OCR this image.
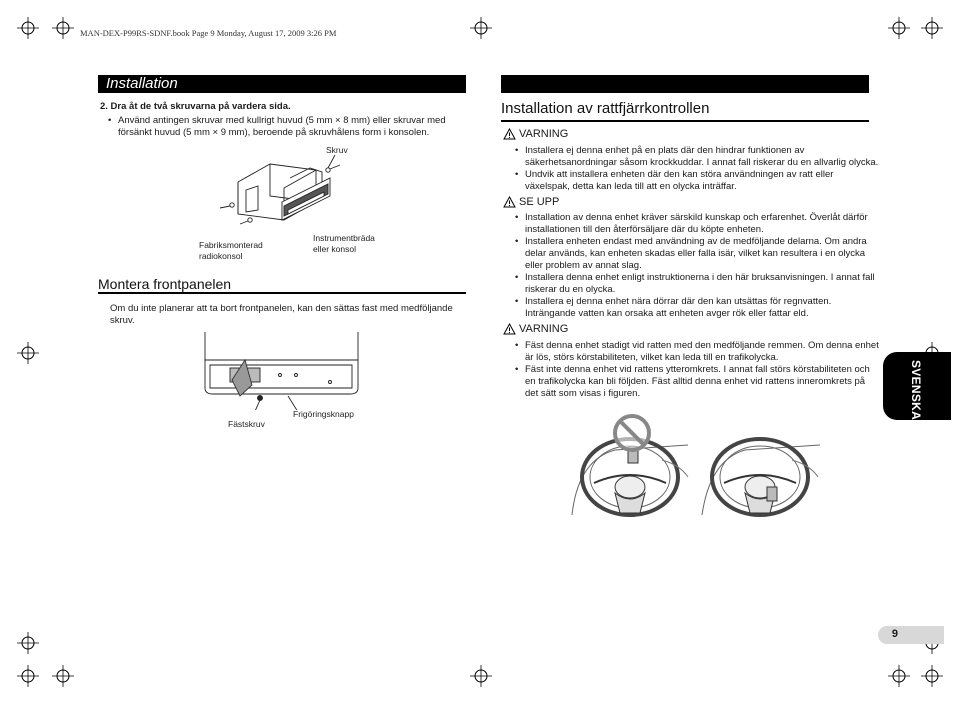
MAN-DEX-P99RS-SDNF.book Page 9 Monday, August 17, 2009 3:26 PM
Installation
2. Dra åt de två skruvarna på vardera sida.
• Använd antingen skruvar med kullrigt huvud (5 mm × 8 mm) eller skruvar med
försänkt huvud (5 mm × 9 mm), beroende på skruvhålens form i konsolen.
Skruv
Fabriksmonterad
radiokonsol
Instrumentbräda
eller konsol
Montera frontpanelen
Om du inte planerar att ta bort frontpanelen, kan den sättas fast med medföljande
skruv.
Fästskruv
Frigöringsknapp
Installation av rattfjärrkontrollen
VARNING
• Installera ej denna enhet på en plats där den hindrar funktionen av
säkerhetsanordningar såsom krockkuddar. I annat fall riskerar du en allvarlig olycka.
• Undvik att installera enheten där den kan störa användningen av ratt eller
växelspak, detta kan leda till att en olycka inträffar.
SE UPP
• Installation av denna enhet kräver särskild kunskap och erfarenhet. Överlåt därför
installationen till den återförsäljare där du köpte enheten.
• Installera enheten endast med användning av de medföljande delarna. Om andra
delar används, kan enheten skadas eller falla isär, vilket kan resultera i en olycka
eller problem av annat slag.
• Installera denna enhet enligt instruktionerna i den här bruksanvisningen. I annat fall
riskerar du en olycka.
• Installera ej denna enhet nära dörrar där den kan utsättas för regnvatten.
Inträngande vatten kan orsaka att enheten avger rök eller fattar eld.
VARNING
• Fäst denna enhet stadigt vid ratten med den medföljande remmen. Om denna enhet
är lös, störs körstabiliteten, vilket kan leda till en trafikolycka.
• Fäst inte denna enhet vid rattens ytteromkrets. I annat fall störs körstabiliteten och
en trafikolycka kan bli följden. Fäst alltid denna enhet vid rattens inneromkrets på
det sätt som visas i figuren.	SVENSKA
9
